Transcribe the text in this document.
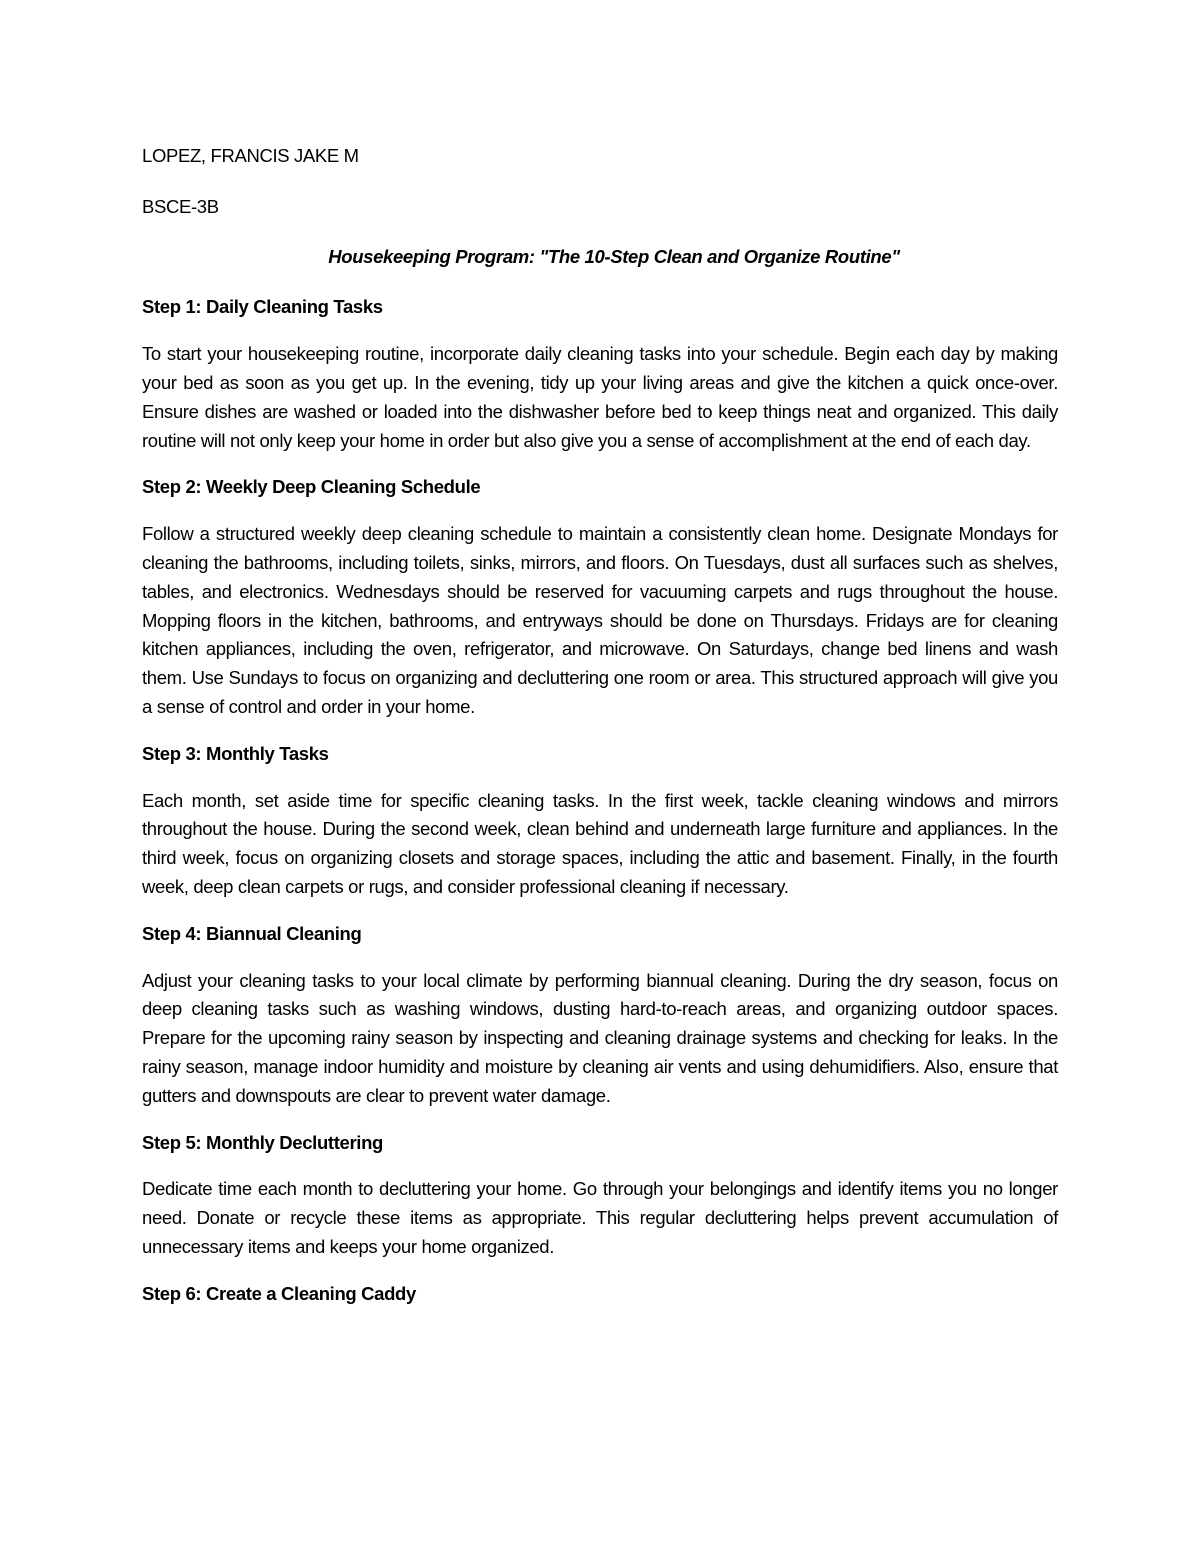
LOPEZ, FRANCIS JAKE M

BSCE-3B

Housekeeping Program: "The 10-Step Clean and Organize Routine"

Step 1: Daily Cleaning Tasks

To start your housekeeping routine, incorporate daily cleaning tasks into your schedule. Begin each day by making your bed as soon as you get up. In the evening, tidy up your living areas and give the kitchen a quick once-over. Ensure dishes are washed or loaded into the dishwasher before bed to keep things neat and organized. This daily routine will not only keep your home in order but also give you a sense of accomplishment at the end of each day.

Step 2: Weekly Deep Cleaning Schedule

Follow a structured weekly deep cleaning schedule to maintain a consistently clean home. Designate Mondays for cleaning the bathrooms, including toilets, sinks, mirrors, and floors. On Tuesdays, dust all surfaces such as shelves, tables, and electronics. Wednesdays should be reserved for vacuuming carpets and rugs throughout the house. Mopping floors in the kitchen, bathrooms, and entryways should be done on Thursdays. Fridays are for cleaning kitchen appliances, including the oven, refrigerator, and microwave. On Saturdays, change bed linens and wash them. Use Sundays to focus on organizing and decluttering one room or area. This structured approach will give you a sense of control and order in your home.

Step 3: Monthly Tasks

Each month, set aside time for specific cleaning tasks. In the first week, tackle cleaning windows and mirrors throughout the house. During the second week, clean behind and underneath large furniture and appliances. In the third week, focus on organizing closets and storage spaces, including the attic and basement. Finally, in the fourth week, deep clean carpets or rugs, and consider professional cleaning if necessary.

Step 4: Biannual Cleaning

Adjust your cleaning tasks to your local climate by performing biannual cleaning. During the dry season, focus on deep cleaning tasks such as washing windows, dusting hard-to-reach areas, and organizing outdoor spaces. Prepare for the upcoming rainy season by inspecting and cleaning drainage systems and checking for leaks. In the rainy season, manage indoor humidity and moisture by cleaning air vents and using dehumidifiers. Also, ensure that gutters and downspouts are clear to prevent water damage.

Step 5: Monthly Decluttering

Dedicate time each month to decluttering your home. Go through your belongings and identify items you no longer need. Donate or recycle these items as appropriate. This regular decluttering helps prevent accumulation of unnecessary items and keeps your home organized.

Step 6: Create a Cleaning Caddy
